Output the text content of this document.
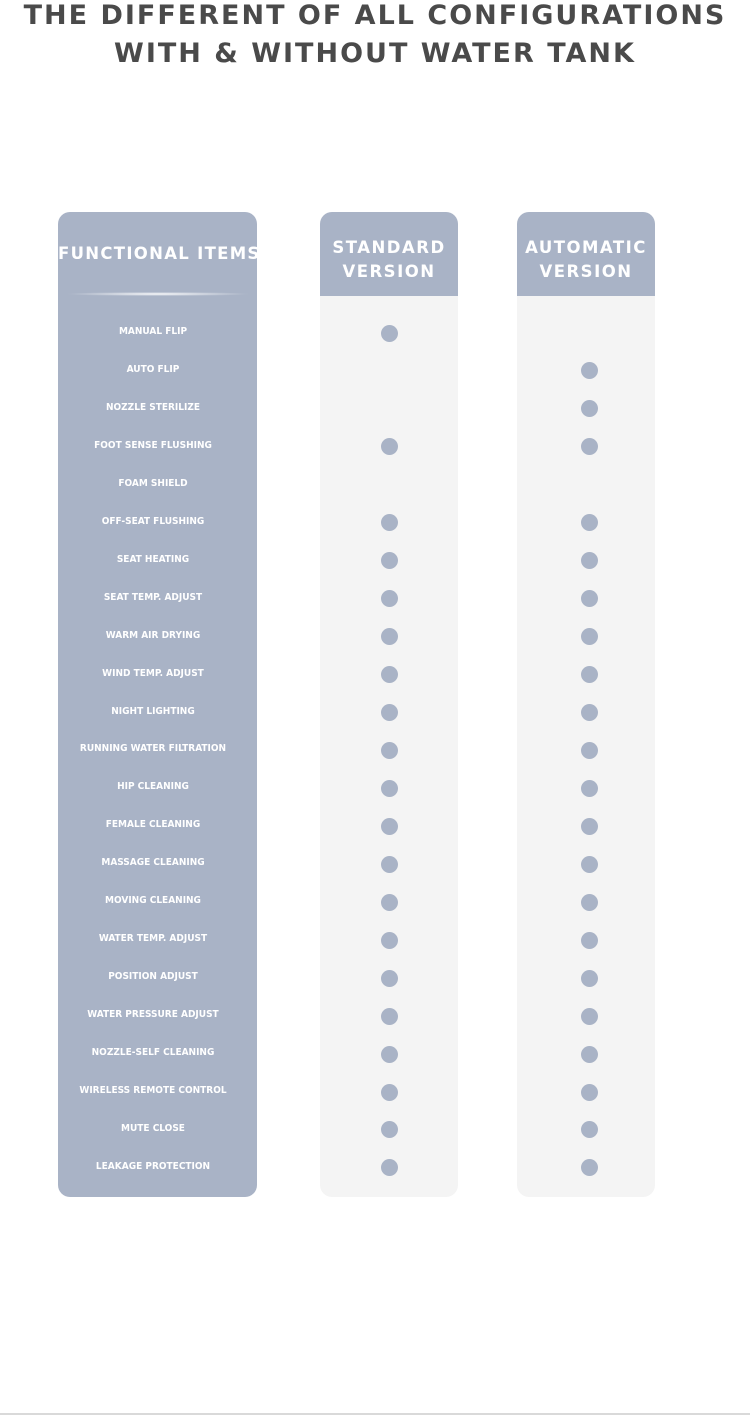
THE DIFFERENT OF ALL CONFIGURATIONS
WITH & WITHOUT WATER TANK
FUNCTIONAL ITEMS
MANUAL FLIP
AUTO FLIP
NOZZLE STERILIZE
FOOT SENSE FLUSHING
FOAM SHIELD
OFF-SEAT FLUSHING
SEAT HEATING
SEAT TEMP. ADJUST
WARM AIR DRYING
WIND TEMP. ADJUST
NIGHT LIGHTING
RUNNING WATER FILTRATION
HIP CLEANING
FEMALE CLEANING
MASSAGE CLEANING
MOVING CLEANING
WATER TEMP. ADJUST
POSITION ADJUST
WATER PRESSURE ADJUST
NOZZLE-SELF CLEANING
WIRELESS REMOTE CONTROL
MUTE CLOSE
LEAKAGE PROTECTION
STANDARD
VERSION
AUTOMATIC
VERSION
